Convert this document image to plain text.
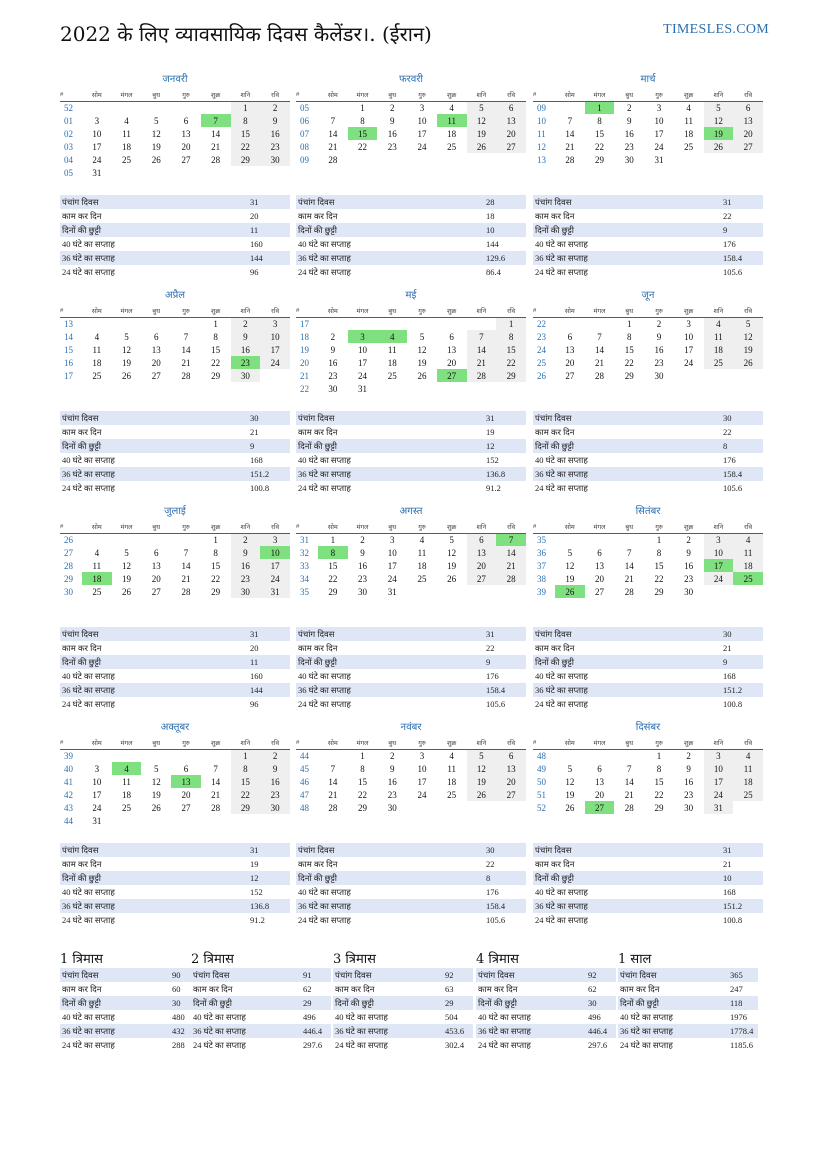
2022 के लिए व्यावसायिक दिवस कैलेंडर।. (ईरान)	TIMESLES.COM
जनवरी
#	सोम	मंगल	बुध	गुरु	शुक्र	शनि	रवि
52						1	2
01	3	4	5	6	7	8	9
02	10	11	12	13	14	15	16
03	17	18	19	20	21	22	23
04	24	25	26	27	28	29	30
05	31						
पंचांग दिवस	31
काम कर दिन	20
दिनों की छुट्टी	11
40 घंटे का सप्ताह	160
36 घंटे का सप्ताह	144
24 घंटे का सप्ताह	96
फरवरी
#	सोम	मंगल	बुध	गुरु	शुक्र	शनि	रवि
05		1	2	3	4	5	6
06	7	8	9	10	11	12	13
07	14	15	16	17	18	19	20
08	21	22	23	24	25	26	27
09	28						
पंचांग दिवस	28
काम कर दिन	18
दिनों की छुट्टी	10
40 घंटे का सप्ताह	144
36 घंटे का सप्ताह	129.6
24 घंटे का सप्ताह	86.4
मार्च
#	सोम	मंगल	बुध	गुरु	शुक्र	शनि	रवि
09		1	2	3	4	5	6
10	7	8	9	10	11	12	13
11	14	15	16	17	18	19	20
12	21	22	23	24	25	26	27
13	28	29	30	31			
पंचांग दिवस	31
काम कर दिन	22
दिनों की छुट्टी	9
40 घंटे का सप्ताह	176
36 घंटे का सप्ताह	158.4
24 घंटे का सप्ताह	105.6
अप्रैल
#	सोम	मंगल	बुध	गुरु	शुक्र	शनि	रवि
13					1	2	3
14	4	5	6	7	8	9	10
15	11	12	13	14	15	16	17
16	18	19	20	21	22	23	24
17	25	26	27	28	29	30	
पंचांग दिवस	30
काम कर दिन	21
दिनों की छुट्टी	9
40 घंटे का सप्ताह	168
36 घंटे का सप्ताह	151.2
24 घंटे का सप्ताह	100.8
मई
#	सोम	मंगल	बुध	गुरु	शुक्र	शनि	रवि
17							1
18	2	3	4	5	6	7	8
19	9	10	11	12	13	14	15
20	16	17	18	19	20	21	22
21	23	24	25	26	27	28	29
22	30	31					
पंचांग दिवस	31
काम कर दिन	19
दिनों की छुट्टी	12
40 घंटे का सप्ताह	152
36 घंटे का सप्ताह	136.8
24 घंटे का सप्ताह	91.2
जून
#	सोम	मंगल	बुध	गुरु	शुक्र	शनि	रवि
22			1	2	3	4	5
23	6	7	8	9	10	11	12
24	13	14	15	16	17	18	19
25	20	21	22	23	24	25	26
26	27	28	29	30			
पंचांग दिवस	30
काम कर दिन	22
दिनों की छुट्टी	8
40 घंटे का सप्ताह	176
36 घंटे का सप्ताह	158.4
24 घंटे का सप्ताह	105.6
जुलाई
#	सोम	मंगल	बुध	गुरु	शुक्र	शनि	रवि
26					1	2	3
27	4	5	6	7	8	9	10
28	11	12	13	14	15	16	17
29	18	19	20	21	22	23	24
30	25	26	27	28	29	30	31
पंचांग दिवस	31
काम कर दिन	20
दिनों की छुट्टी	11
40 घंटे का सप्ताह	160
36 घंटे का सप्ताह	144
24 घंटे का सप्ताह	96
अगस्त
#	सोम	मंगल	बुध	गुरु	शुक्र	शनि	रवि
31	1	2	3	4	5	6	7
32	8	9	10	11	12	13	14
33	15	16	17	18	19	20	21
34	22	23	24	25	26	27	28
35	29	30	31				
पंचांग दिवस	31
काम कर दिन	22
दिनों की छुट्टी	9
40 घंटे का सप्ताह	176
36 घंटे का सप्ताह	158.4
24 घंटे का सप्ताह	105.6
सितंबर
#	सोम	मंगल	बुध	गुरु	शुक्र	शनि	रवि
35				1	2	3	4
36	5	6	7	8	9	10	11
37	12	13	14	15	16	17	18
38	19	20	21	22	23	24	25
39	26	27	28	29	30		
पंचांग दिवस	30
काम कर दिन	21
दिनों की छुट्टी	9
40 घंटे का सप्ताह	168
36 घंटे का सप्ताह	151.2
24 घंटे का सप्ताह	100.8
अक्तूबर
#	सोम	मंगल	बुध	गुरु	शुक्र	शनि	रवि
39						1	2
40	3	4	5	6	7	8	9
41	10	11	12	13	14	15	16
42	17	18	19	20	21	22	23
43	24	25	26	27	28	29	30
44	31						
पंचांग दिवस	31
काम कर दिन	19
दिनों की छुट्टी	12
40 घंटे का सप्ताह	152
36 घंटे का सप्ताह	136.8
24 घंटे का सप्ताह	91.2
नवंबर
#	सोम	मंगल	बुध	गुरु	शुक्र	शनि	रवि
44		1	2	3	4	5	6
45	7	8	9	10	11	12	13
46	14	15	16	17	18	19	20
47	21	22	23	24	25	26	27
48	28	29	30				
पंचांग दिवस	30
काम कर दिन	22
दिनों की छुट्टी	8
40 घंटे का सप्ताह	176
36 घंटे का सप्ताह	158.4
24 घंटे का सप्ताह	105.6
दिसंबर
#	सोम	मंगल	बुध	गुरु	शुक्र	शनि	रवि
48				1	2	3	4
49	5	6	7	8	9	10	11
50	12	13	14	15	16	17	18
51	19	20	21	22	23	24	25
52	26	27	28	29	30	31	
पंचांग दिवस	31
काम कर दिन	21
दिनों की छुट्टी	10
40 घंटे का सप्ताह	168
36 घंटे का सप्ताह	151.2
24 घंटे का सप्ताह	100.8
1 त्रिमास
पंचांग दिवस	90
काम कर दिन	60
दिनों की छुट्टी	30
40 घंटे का सप्ताह	480
36 घंटे का सप्ताह	432
24 घंटे का सप्ताह	288
2 त्रिमास
पंचांग दिवस	91
काम कर दिन	62
दिनों की छुट्टी	29
40 घंटे का सप्ताह	496
36 घंटे का सप्ताह	446.4
24 घंटे का सप्ताह	297.6
3 त्रिमास
पंचांग दिवस	92
काम कर दिन	63
दिनों की छुट्टी	29
40 घंटे का सप्ताह	504
36 घंटे का सप्ताह	453.6
24 घंटे का सप्ताह	302.4
4 त्रिमास
पंचांग दिवस	92
काम कर दिन	62
दिनों की छुट्टी	30
40 घंटे का सप्ताह	496
36 घंटे का सप्ताह	446.4
24 घंटे का सप्ताह	297.6
1 साल
पंचांग दिवस	365
काम कर दिन	247
दिनों की छुट्टी	118
40 घंटे का सप्ताह	1976
36 घंटे का सप्ताह	1778.4
24 घंटे का सप्ताह	1185.6
